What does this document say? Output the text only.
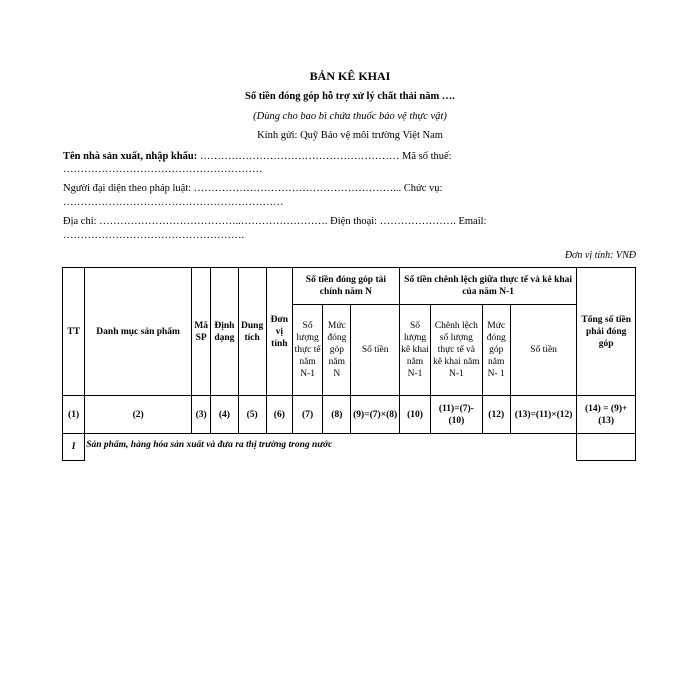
BẢN KÊ KHAI
Số tiền đóng góp hỗ trợ xử lý chất thải năm ….
(Dùng cho bao bì chứa thuốc bảo vệ thực vật)
Kính gửi: Quỹ Bảo vệ môi trường Việt Nam
Tên nhà sản xuất, nhập khẩu: ………………………………………………… Mã số thuế:
…………………………………………………
Người đại diện theo pháp luật: …………………………………………………... Chức vụ:
………………………………………………………
Địa chỉ: …………………………………..……………………. Điện thoại: …………………. Email:
…………………………………………….
Đơn vị tính: VNĐ
TT	Danh mục sản phẩm	Mã SP	Định dạng	Dung tích	Đơn vị tính	Số tiền đóng góp tài chính năm N			Số tiền chênh lệch giữa thực tế và kê khai của năm N-1				Tổng số tiền phải đóng góp
						Số lượng thực tế năm N-1	Mức đóng góp năm N	Số tiền	Số lượng kê khai năm N-1	Chênh lệch số lượng thực tế và kê khai năm N-1	Mức đóng góp năm N- 1	Số tiền	
(1)	(2)	(3)	(4)	(5)	(6)	(7)	(8)	(9)=(7)×(8)	(10)	(11)=(7)-(10)	(12)	(13)=(11)×(12)	(14) = (9)+(13)
I	Sản phẩm, hàng hóa sản xuất và đưa ra thị trường trong nước												
